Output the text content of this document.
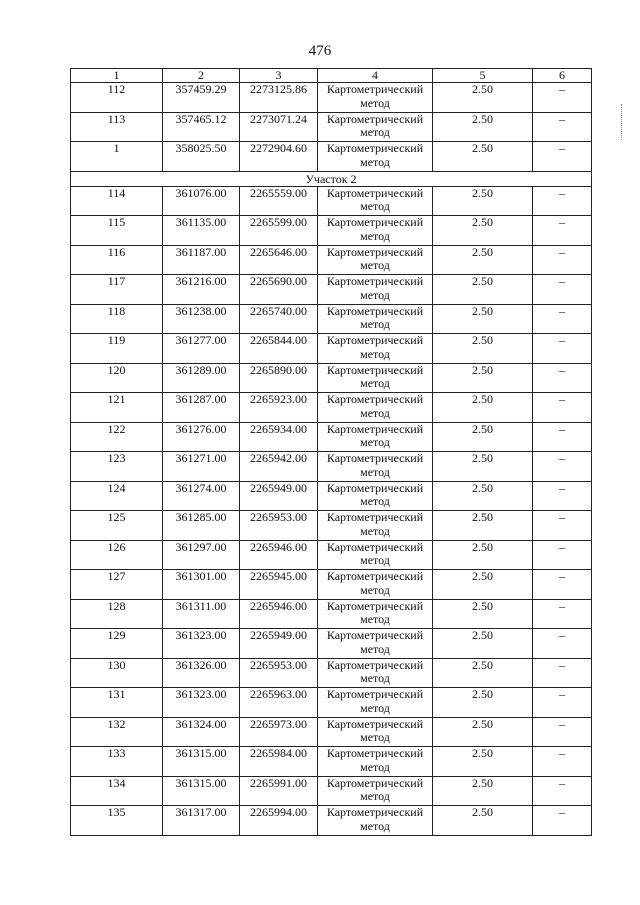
476
1	2	3	4	5	6
112	357459.29	2273125.86	Картометрический метод	2.50	–
113	357465.12	2273071.24	Картометрический метод	2.50	–
1	358025.50	2272904.60	Картометрический метод	2.50	–
Участок 2					
114	361076.00	2265559.00	Картометрический метод	2.50	–
115	361135.00	2265599.00	Картометрический метод	2.50	–
116	361187.00	2265646.00	Картометрический метод	2.50	–
117	361216.00	2265690.00	Картометрический метод	2.50	–
118	361238.00	2265740.00	Картометрический метод	2.50	–
119	361277.00	2265844.00	Картометрический метод	2.50	–
120	361289.00	2265890.00	Картометрический метод	2.50	–
121	361287.00	2265923.00	Картометрический метод	2.50	–
122	361276.00	2265934.00	Картометрический метод	2.50	–
123	361271.00	2265942.00	Картометрический метод	2.50	–
124	361274.00	2265949.00	Картометрический метод	2.50	–
125	361285.00	2265953.00	Картометрический метод	2.50	–
126	361297.00	2265946.00	Картометрический метод	2.50	–
127	361301.00	2265945.00	Картометрический метод	2.50	–
128	361311.00	2265946.00	Картометрический метод	2.50	–
129	361323.00	2265949.00	Картометрический метод	2.50	–
130	361326.00	2265953.00	Картометрический метод	2.50	–
131	361323.00	2265963.00	Картометрический метод	2.50	–
132	361324.00	2265973.00	Картометрический метод	2.50	–
133	361315.00	2265984.00	Картометрический метод	2.50	–
134	361315.00	2265991.00	Картометрический метод	2.50	–
135	361317.00	2265994.00	Картометрический метод	2.50	–
